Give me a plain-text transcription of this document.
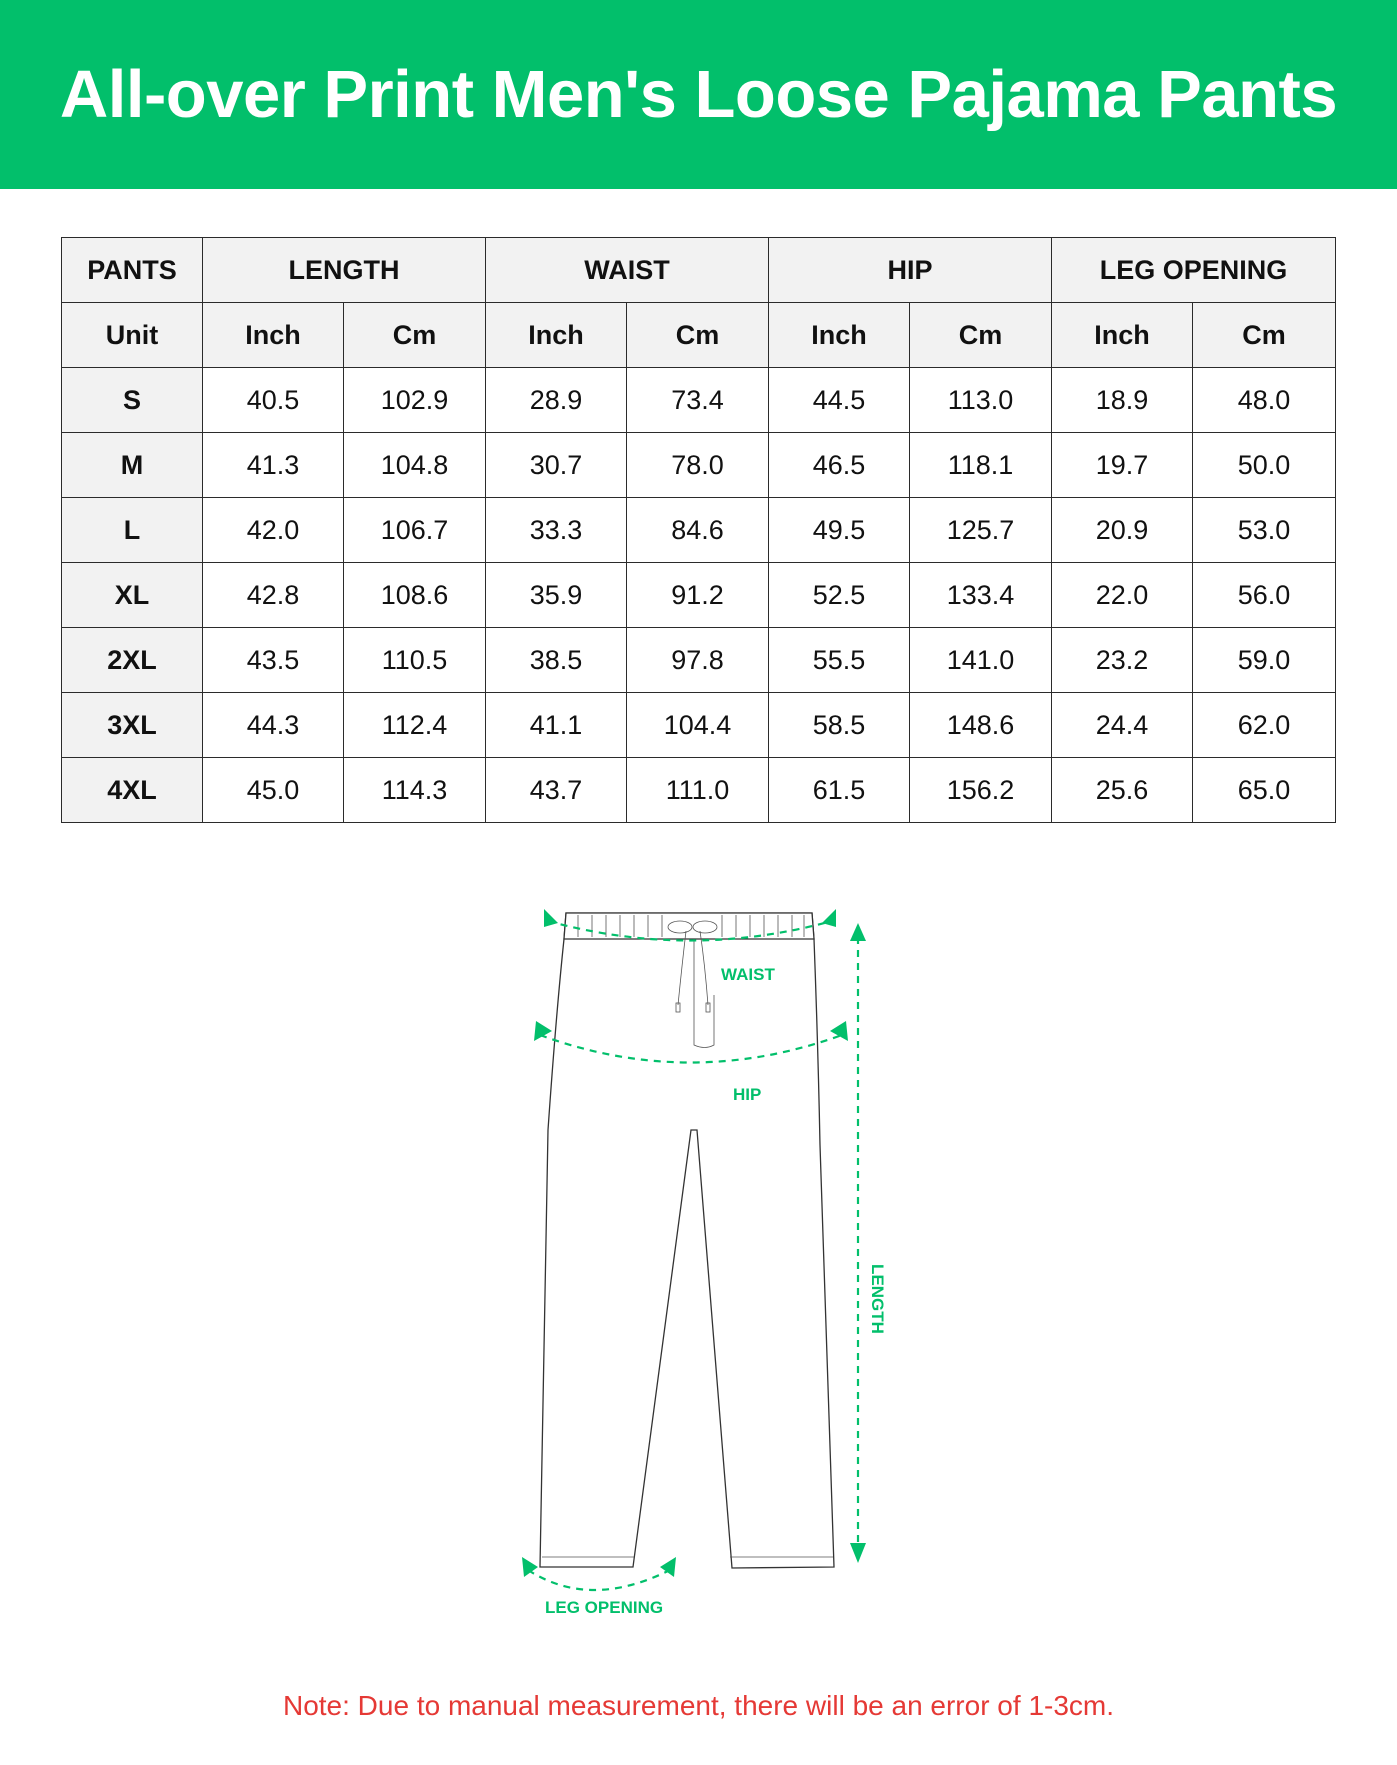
All-over Print Men's Loose Pajama Pants
PANTS	LENGTH		WAIST		HIP		LEG OPENING	
Unit	Inch	Cm	Inch	Cm	Inch	Cm	Inch	Cm
S	40.5	102.9	28.9	73.4	44.5	113.0	18.9	48.0
M	41.3	104.8	30.7	78.0	46.5	118.1	19.7	50.0
L	42.0	106.7	33.3	84.6	49.5	125.7	20.9	53.0
XL	42.8	108.6	35.9	91.2	52.5	133.4	22.0	56.0
2XL	43.5	110.5	38.5	97.8	55.5	141.0	23.2	59.0
3XL	44.3	112.4	41.1	104.4	58.5	148.6	24.4	62.0
4XL	45.0	114.3	43.7	111.0	61.5	156.2	25.6	65.0
WAIST
HIP
LENGTH
LEG OPENING
Note: Due to manual measurement, there will be an error of 1-3cm.
